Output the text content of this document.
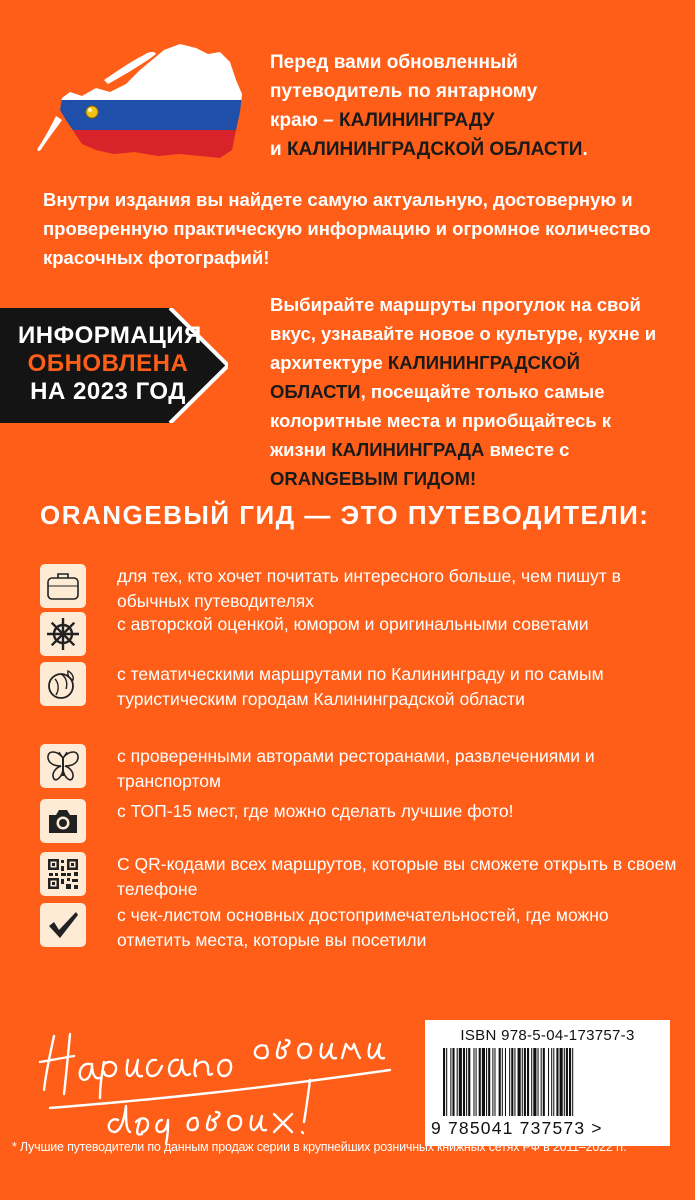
Перед вами обновленный
путеводитель по янтарному
краю – КАЛИНИНГРАДУ
и КАЛИНИНГРАДСКОЙ ОБЛАСТИ.
Внутри издания вы найдете самую актуальную, достоверную и проверенную практическую информацию и огромное количество красочных фотографий!
ИНФОРМАЦИЯ
ОБНОВЛЕНА
НА 2023 ГОД
Выбирайте маршруты прогулок на свой вкус, узнавайте новое о культуре, кухне и архитектуре КАЛИНИНГРАДСКОЙ ОБЛАСТИ, посещайте только самые колоритные места и приобщайтесь к жизни КАЛИНИНГРАДА вместе с ORANGEВЫМ ГИДОМ!
ORANGEВЫЙ ГИД — ЭТО ПУТЕВОДИТЕЛИ:
для тех, кто хочет почитать интересного больше, чем пишут в обычных путеводителях
с авторской оценкой, юмором и оригинальными советами
с тематическими маршрутами по Калининграду и по самым туристическим городам Калининградской области
с проверенными авторами ресторанами, развлечениями и транспортом
с ТОП-15 мест, где можно сделать лучшие фото!
С QR-кодами всех маршрутов, которые вы сможете открыть в своем телефоне
с чек-листом основных достопримечательностей, где можно отметить места, которые вы посетили
ISBN 978-5-04-173757-3
9 785041 737573 >
* Лучшие путеводители по данным продаж серии в крупнейших розничных книжных сетях РФ в 2011–2022 гг.
